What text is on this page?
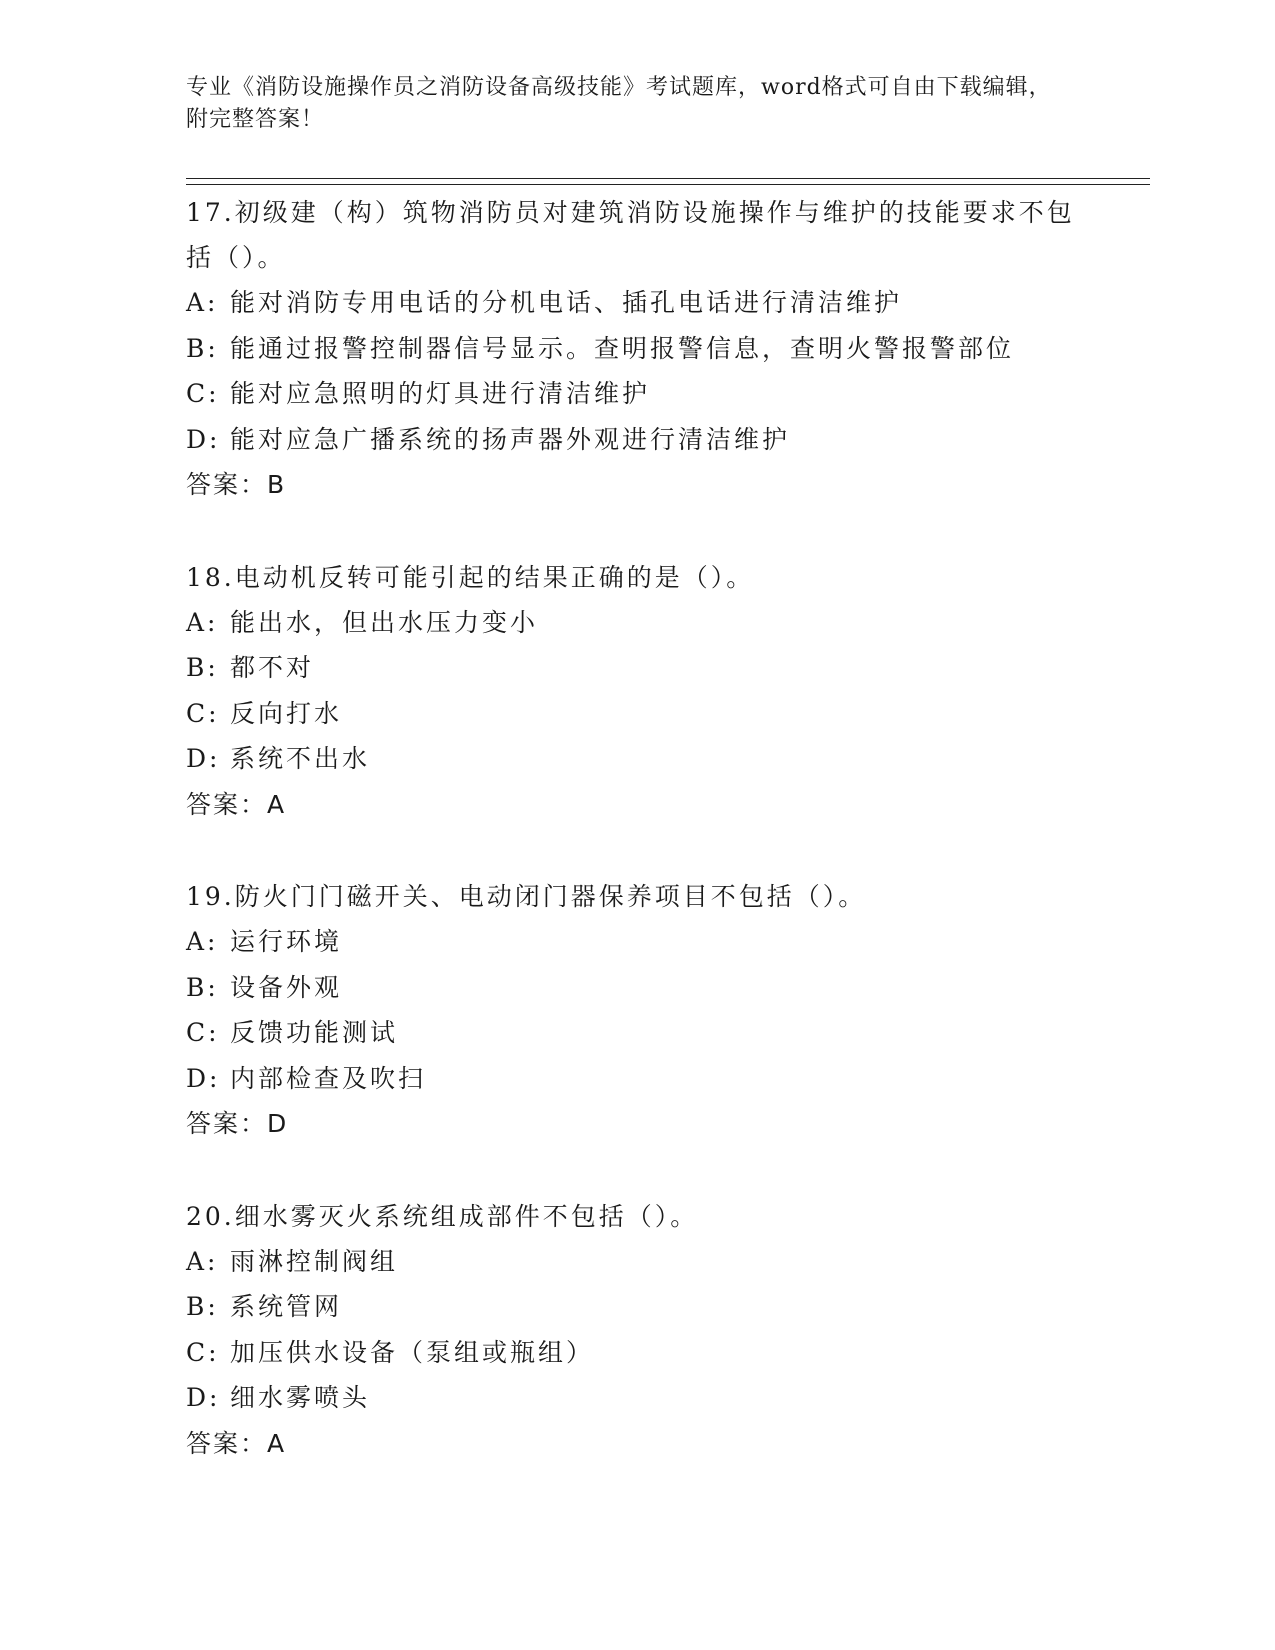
专业《消防设施操作员之消防设备高级技能》考试题库，word格式可自由下载编辑，附完整答案！
17.初级建（构）筑物消防员对建筑消防设施操作与维护的技能要求不包括（）。
A: 能对消防专用电话的分机电话、插孔电话进行清洁维护
B: 能通过报警控制器信号显示。查明报警信息，查明火警报警部位
C: 能对应急照明的灯具进行清洁维护
D: 能对应急广播系统的扬声器外观进行清洁维护
答案：B
18.电动机反转可能引起的结果正确的是（）。
A: 能出水，但出水压力变小
B: 都不对
C: 反向打水
D: 系统不出水
答案：A
19.防火门门磁开关、电动闭门器保养项目不包括（）。
A: 运行环境
B: 设备外观
C: 反馈功能测试
D: 内部检查及吹扫
答案：D
20.细水雾灭火系统组成部件不包括（）。
A: 雨淋控制阀组
B: 系统管网
C: 加压供水设备（泵组或瓶组）
D: 细水雾喷头
答案：A
